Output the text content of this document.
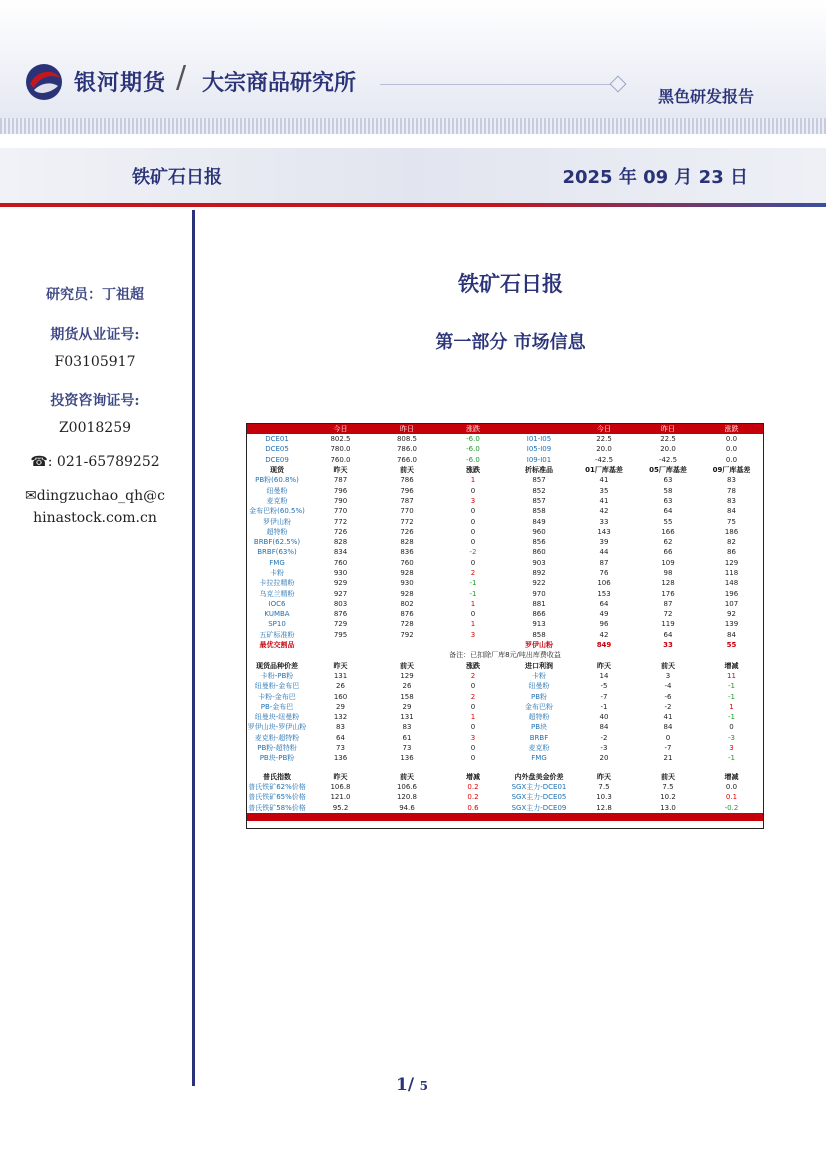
银河期货 / 大宗商品研究所
黑色研发报告
铁矿石日报	2025 年 09 月 23 日
研究员：丁祖超
期货从业证号:
F03105917
投资咨询证号:
Z0018259
☎: 021-65789252
✉dingzuchao_qh@c
hinastock.com.cn
铁矿石日报
第一部分 市场信息
	今日	昨日	涨跌		今日	昨日	涨跌	
DCE01	802.5	808.5	-6.0	I01-I05	22.5	22.5	0.0	
DCE05	780.0	786.0	-6.0	I05-I09	20.0	20.0	0.0	
DCE09	760.0	766.0	-6.0	I09-I01	-42.5	-42.5	0.0	
现货	昨天	前天	涨跌	折标准品	01厂库基差	05厂库基差	09厂库基差	
PB粉(60.8%)	787	786	1	857	41	63	83	
纽曼粉	796	796	0	852	35	58	78	
麦克粉	790	787	3	857	41	63	83	
金布巴粉(60.5%)	770	770	0	858	42	64	84	
罗伊山粉	772	772	0	849	33	55	75	
超特粉	726	726	0	960	143	166	186	
BRBF(62.5%)	828	828	0	856	39	62	82	
BRBF(63%)	834	836	-2	860	44	66	86	
FMG	760	760	0	903	87	109	129	
卡粉	930	928	2	892	76	98	118	
卡拉拉精粉	929	930	-1	922	106	128	148	
乌克兰精粉	927	928	-1	970	153	176	196	
IOC6	803	802	1	881	64	87	107	
KUMBA	876	876	0	866	49	72	92	
SP10	729	728	1	913	96	119	139	
五矿标准粉	795	792	3	858	42	64	84	
最优交割品				罗伊山粉	849	33	55	
备注：已扣除厂库8元/吨出库费收益								
现货品种价差	昨天	前天	涨跌	进口利润	昨天	前天	增减	
卡粉-PB粉	131	129	2	卡粉	14	3	11	
纽曼粉-金布巴	26	26	0	纽曼粉	-5	-4	-1	
卡粉-金布巴	160	158	2	PB粉	-7	-6	-1	
PB-金布巴	29	29	0	金布巴粉	-1	-2	1	
纽曼块-纽曼粉	132	131	1	超特粉	40	41	-1	
罗伊山块-罗伊山粉	83	83	0	PB块	84	84	0	
麦克粉-超特粉	64	61	3	BRBF	-2	0	-3	
PB粉-超特粉	73	73	0	麦克粉	-3	-7	3	
PB块-PB粉	136	136	0	FMG	20	21	-1	

普氏指数	昨天	前天	增减	内外盘美金价差	昨天	前天	增减	
普氏铁矿62%价格	106.8	106.6	0.2	SGX主力-DCE01	7.5	7.5	0.0	
普氏铁矿65%价格	121.0	120.8	0.2	SGX主力-DCE05	10.3	10.2	0.1	
普氏铁矿58%价格	95.2	94.6	0.6	SGX主力-DCE09	12.8	13.0	-0.2	

1/ 5
